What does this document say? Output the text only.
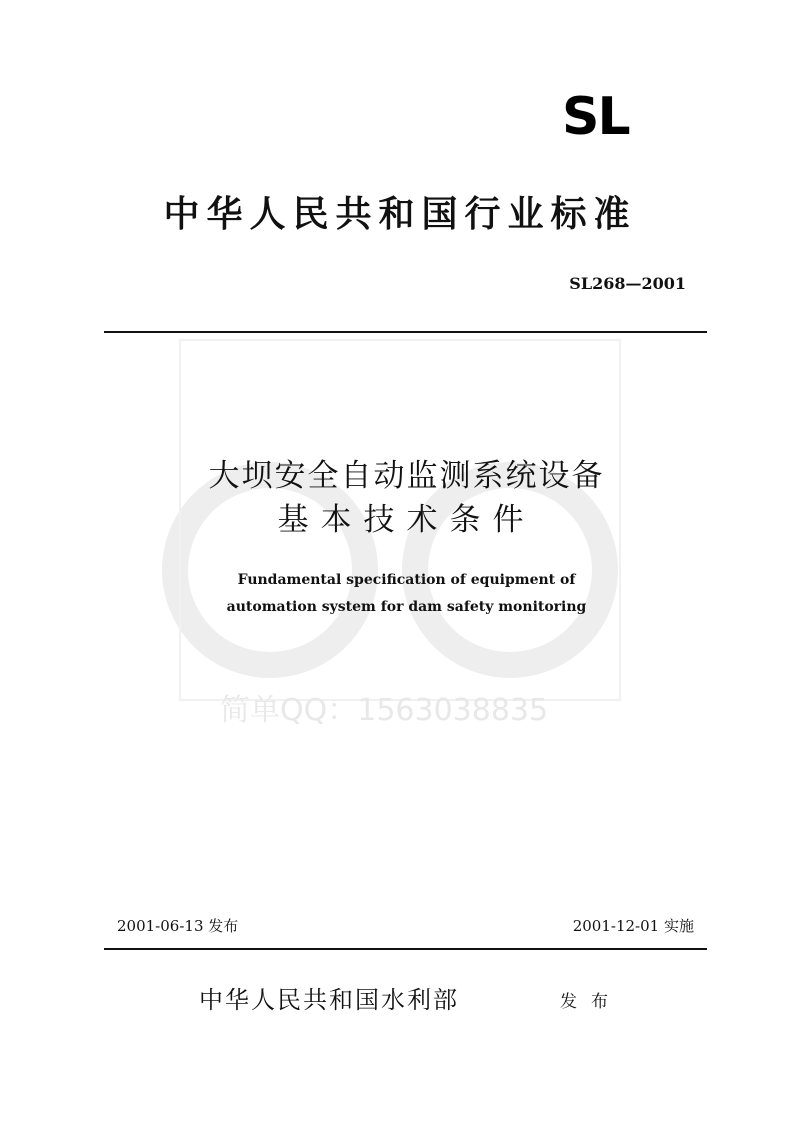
简单QQ：1563038835
SL
中华人民共和国行业标准
SL268—2001
大坝安全自动监测系统设备
基本技术条件
Fundamental specification of equipment of
automation system for dam safety monitoring
2001-06-13 发布	2001-12-01 实施
中华人民共和国水利部	发布
